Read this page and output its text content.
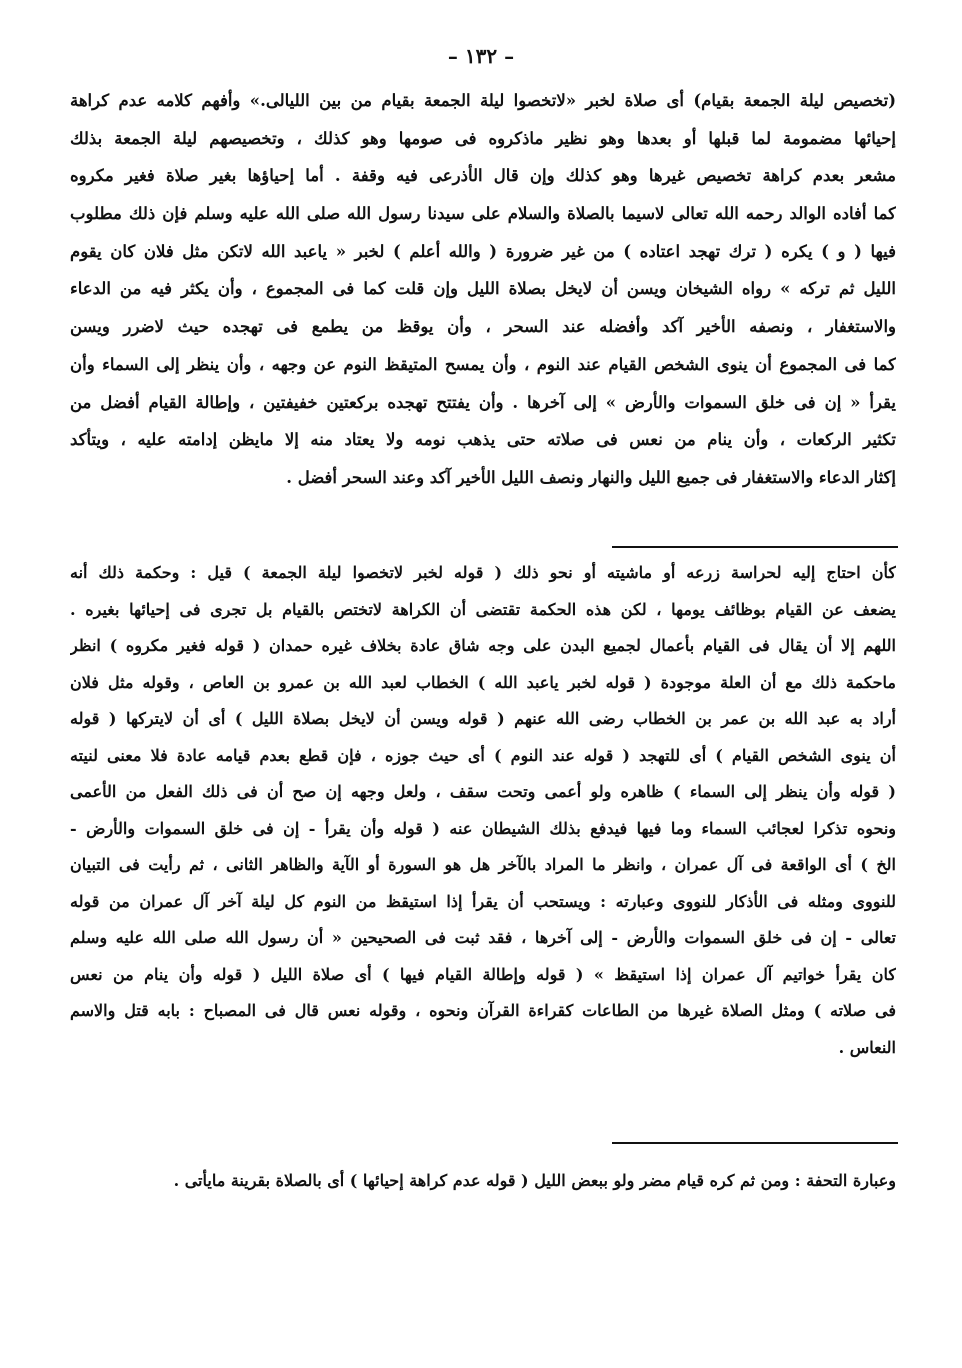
– ١٣٢ –
(تخصيص ليلة الجمعة بقيام) أى صلاة لخبر «لاتخصوا ليلة الجمعة بقيام من بين الليالى.» وأفهم كلامه عدم كراهة
إحيائها مضمومة لما قبلها أو بعدها وهو نظير ماذكروه فى صومها وهو كذلك ، وتخصيصهم ليلة الجمعة بذلك
مشعر بعدم كراهة تخصيص غيرها وهو كذلك وإن قال الأذرعى فيه وقفة . أما إحياؤها بغير صلاة فغير مكروه
كما أفاده الوالد رحمه الله تعالى لاسيما بالصلاة والسلام على سيدنا رسول الله صلى الله عليه وسلم فإن ذلك مطلوب
فيها ( و ) يكره ( ترك تهجد اعتاده ) من غير ضرورة ( والله أعلم ) لخبر « ياعبد الله لاتكن مثل فلان كان يقوم
الليل ثم تركه » رواه الشيخان ويسن أن لايخل بصلاة الليل وإن قلت كما فى المجموع ، وأن يكثر فيه من الدعاء
والاستغفار ، ونصفه الأخير آكد وأفضله عند السحر ، وأن يوقظ من يطمع فى تهجده حيث لاضرر ويسن
كما فى المجموع أن ينوى الشخص القيام عند النوم ، وأن يمسح المتيقظ النوم عن وجهه ، وأن ينظر إلى السماء وأن
يقرأ « إن فى خلق السموات والأرض » إلى آخرها . وأن يفتتح تهجده بركعتين خفيفتين ، وإطالة القيام أفضل من
تكثير الركعات ، وأن ينام من نعس فى صلاته حتى يذهب نومه ولا يعتاد منه إلا مايظن إدامته عليه ، ويتأكد
إكثار الدعاء والاستغفار فى جميع الليل والنهار ونصف الليل الأخير آكد وعند السحر أفضل .
كأن احتاج إليه لحراسة زرعه أو ماشيته أو نحو ذلك ( قوله لخبر لاتخصوا ليلة الجمعة ) قيل : وحكمة ذلك أنه
يضعف عن القيام بوظائف يومها ، لكن هذه الحكمة تقتضى أن الكراهة لاتختص بالقيام بل تجرى فى إحيائها بغيره .
اللهم إلا أن يقال فى القيام بأعمال لجميع البدن على وجه شاق عادة بخلاف غيره حمدان ( قوله فغير مكروه ) انظر
ماحكمة ذلك مع أن العلة موجودة ( قوله لخبر ياعبد الله ) الخطاب لعبد الله بن عمرو بن العاص ، وقوله مثل فلان
أراد به عبد الله بن عمر بن الخطاب رضى الله عنهم ( قوله ويسن أن لايخل بصلاة الليل ) أى أن لايتركها ( قوله
أن ينوى الشخص القيام ) أى للتهجد ( قوله عند النوم ) أى حيث جوزه ، فإن قطع بعدم قيامه عادة فلا معنى لنيته
( قوله وأن ينظر إلى السماء ) ظاهره ولو أعمى وتحت سقف ، ولعل وجهه إن صح أن فى ذلك الفعل من الأعمى
ونحوه تذكرا لعجائب السماء وما فيها فيدفع بذلك الشيطان عنه ( قوله وأن يقرأ - إن فى خلق السموات والأرض -
الخ ) أى الواقعة فى آل عمران ، وانظر ما المراد بالآخر هل هو السورة أو الآية والظاهر الثانى ، ثم رأيت فى التبيان
للنووى ومثله فى الأذكار للنووى وعبارته : ويستحب أن يقرأ إذا استيقظ من النوم كل ليلة آخر آل عمران من قوله
تعالى - إن فى خلق السموات والأرض - إلى آخرها ، فقد ثبت فى الصحيحين « أن رسول الله صلى الله عليه وسلم
كان يقرأ خواتيم آل عمران إذا استيقظ » ( قوله وإطالة القيام فيها ) أى صلاة الليل ( قوله وأن ينام من نعس
فى صلاته ) ومثل الصلاة غيرها من الطاعات كقراءة القرآن ونحوه ، وقوله نعس قال فى المصباح : بابه قتل والاسم
النعاس .
وعبارة التحفة : ومن ثم كره قيام مضر ولو ببعض الليل ( قوله عدم كراهة إحيائها ) أى بالصلاة بقرينة مايأتى .
